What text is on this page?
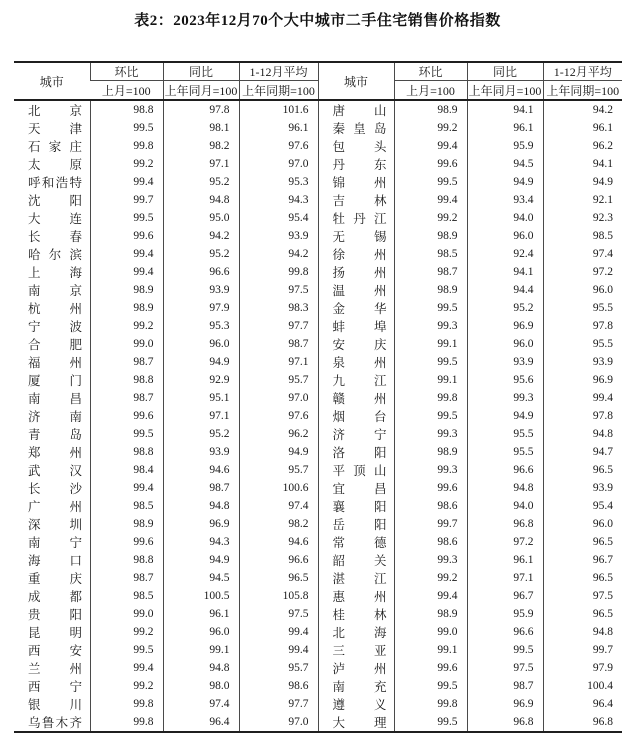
表2：2023年12月70个大中城市二手住宅销售价格指数
城市	环比	同比	1-12月平均	城市	环比	同比	1-12月平均
	上月=100	上年同月=100	上年同期=100		上月=100	上年同月=100	上年同期=100
北京	98.8	97.8	101.6	唐山	98.9	94.1	94.2
天津	99.5	98.1	96.1	秦皇岛	99.2	96.1	96.1
石家庄	99.8	98.2	97.6	包头	99.4	95.9	96.2
太原	99.2	97.1	97.0	丹东	99.6	94.5	94.1
呼和浩特	99.4	95.2	95.3	锦州	99.5	94.9	94.9
沈阳	99.7	94.8	94.3	吉林	99.4	93.4	92.1
大连	99.5	95.0	95.4	牡丹江	99.2	94.0	92.3
长春	99.6	94.2	93.9	无锡	98.9	96.0	98.5
哈尔滨	99.4	95.2	94.2	徐州	98.5	92.4	97.4
上海	99.4	96.6	99.8	扬州	98.7	94.1	97.2
南京	98.9	93.9	97.5	温州	98.9	94.4	96.0
杭州	98.9	97.9	98.3	金华	99.5	95.2	95.5
宁波	99.2	95.3	97.7	蚌埠	99.3	96.9	97.8
合肥	99.0	96.0	98.7	安庆	99.1	96.0	95.5
福州	98.7	94.9	97.1	泉州	99.5	93.9	93.9
厦门	98.8	92.9	95.7	九江	99.1	95.6	96.9
南昌	98.7	95.1	97.0	赣州	99.8	99.3	99.4
济南	99.6	97.1	97.6	烟台	99.5	94.9	97.8
青岛	99.5	95.2	96.2	济宁	99.3	95.5	94.8
郑州	98.8	93.9	94.9	洛阳	98.9	95.5	94.7
武汉	98.4	94.6	95.7	平顶山	99.3	96.6	96.5
长沙	99.4	98.7	100.6	宜昌	99.6	94.8	93.9
广州	98.5	94.8	97.4	襄阳	98.6	94.0	95.4
深圳	98.9	96.9	98.2	岳阳	99.7	96.8	96.0
南宁	99.6	94.3	94.6	常德	98.6	97.2	96.5
海口	98.8	94.9	96.6	韶关	99.3	96.1	96.7
重庆	98.7	94.5	96.5	湛江	99.2	97.1	96.5
成都	98.5	100.5	105.8	惠州	99.4	96.7	97.5
贵阳	99.0	96.1	97.5	桂林	98.9	95.9	96.5
昆明	99.2	96.0	99.4	北海	99.0	96.6	94.8
西安	99.5	99.1	99.4	三亚	99.1	99.5	99.7
兰州	99.4	94.8	95.7	泸州	99.6	97.5	97.9
西宁	99.2	98.0	98.6	南充	99.5	98.7	100.4
银川	99.8	97.4	97.7	遵义	99.8	96.9	96.4
乌鲁木齐	99.8	96.4	97.0	大理	99.5	96.8	96.8
